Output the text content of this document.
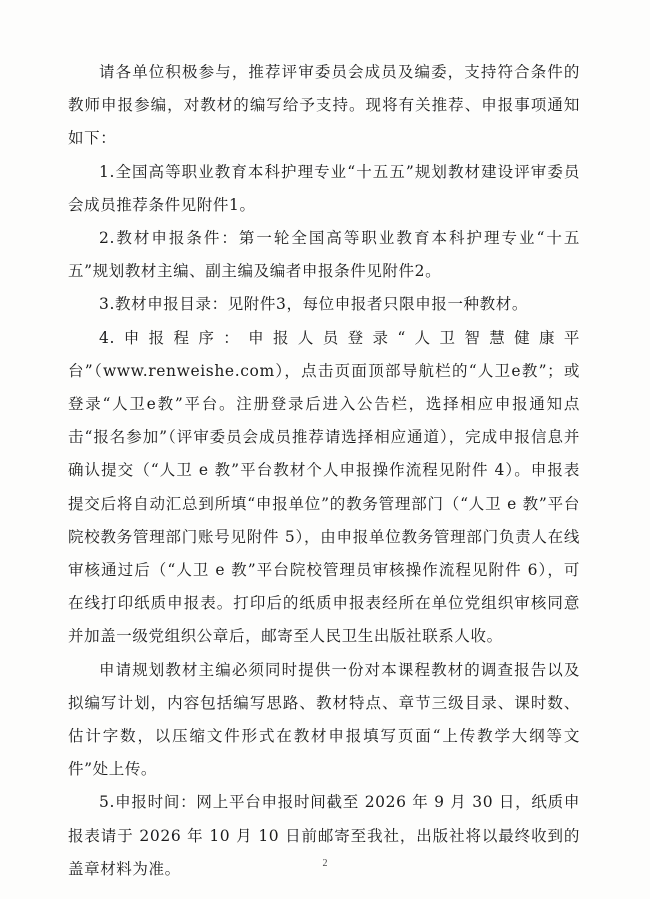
请各单位积极参与，推荐评审委员会成员及编委，支持符合条件的教师申报参编，对教材的编写给予支持。现将有关推荐、申报事项通知如下：

1.全国高等职业教育本科护理专业“十五五”规划教材建设评审委员会成员推荐条件见附件1。

2.教材申报条件：第一轮全国高等职业教育本科护理专业“十五五”规划教材主编、副主编及编者申报条件见附件2。

3.教材申报目录：见附件3，每位申报者只限申报一种教材。

4.申报程序：申报人员登录“人卫智慧健康平台”（www.renweishe.com），点击页面顶部导航栏的“人卫e教”；或登录“人卫e教”平台。注册登录后进入公告栏，选择相应申报通知点击“报名参加”（评审委员会成员推荐请选择相应通道），完成申报信息并确认提交（“人卫 e 教”平台教材个人申报操作流程见附件 4）。申报表提交后将自动汇总到所填“申报单位”的教务管理部门（“人卫 e 教”平台院校教务管理部门账号见附件 5），由申报单位教务管理部门负责人在线审核通过后（“人卫 e 教”平台院校管理员审核操作流程见附件 6），可在线打印纸质申报表。打印后的纸质申报表经所在单位党组织审核同意并加盖一级党组织公章后，邮寄至人民卫生出版社联系人收。

申请规划教材主编必须同时提供一份对本课程教材的调查报告以及拟编写计划，内容包括编写思路、教材特点、章节三级目录、课时数、估计字数，以压缩文件形式在教材申报填写页面“上传教学大纲等文件”处上传。

5.申报时间：网上平台申报时间截至 2026 年 9 月 30 日，纸质申报表请于 2026 年 10 月 10 日前邮寄至我社，出版社将以最终收到的盖章材料为准。	2
